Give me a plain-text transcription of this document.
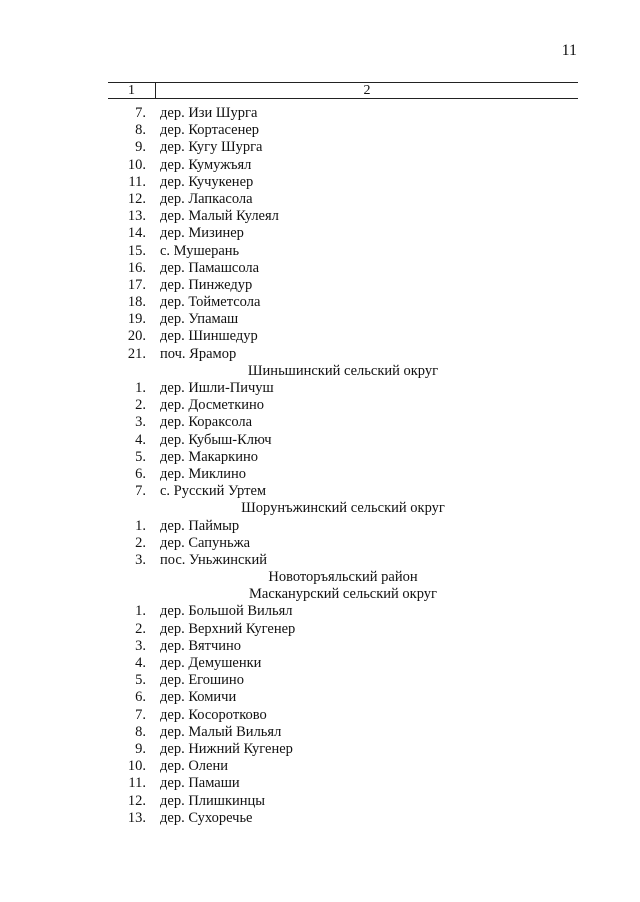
11
1	2
7. дер. Изи Шурга
8. дер. Кортасенер
9. дер. Кугу Шурга
10. дер. Кумужъял
11. дер. Кучукенер
12. дер. Лапкасола
13. дер. Малый Кулеял
14. дер. Мизинер
15. с. Мушерань
16. дер. Памашсола
17. дер. Пинжедур
18. дер. Тойметсола
19. дер. Упамаш
20. дер. Шиншедур
21. поч. Ярамор
Шиньшинский сельский округ
1. дер. Ишли-Пичуш
2. дер. Досметкино
3. дер. Кораксола
4. дер. Кубыш-Ключ
5. дер. Макаркино
6. дер. Миклино
7. с. Русский Уртем
Шорунъжинский сельский округ
1. дер. Паймыр
2. дер. Сапуньжа
3. пос. Уньжинский
Новоторъяльский район
Масканурский сельский округ
1. дер. Большой Вильял
2. дер. Верхний Кугенер
3. дер. Вятчино
4. дер. Демушенки
5. дер. Егошино
6. дер. Комичи
7. дер. Косоротково
8. дер. Малый Вильял
9. дер. Нижний Кугенер
10. дер. Олени
11. дер. Памаши
12. дер. Плишкинцы
13. дер. Сухоречье
